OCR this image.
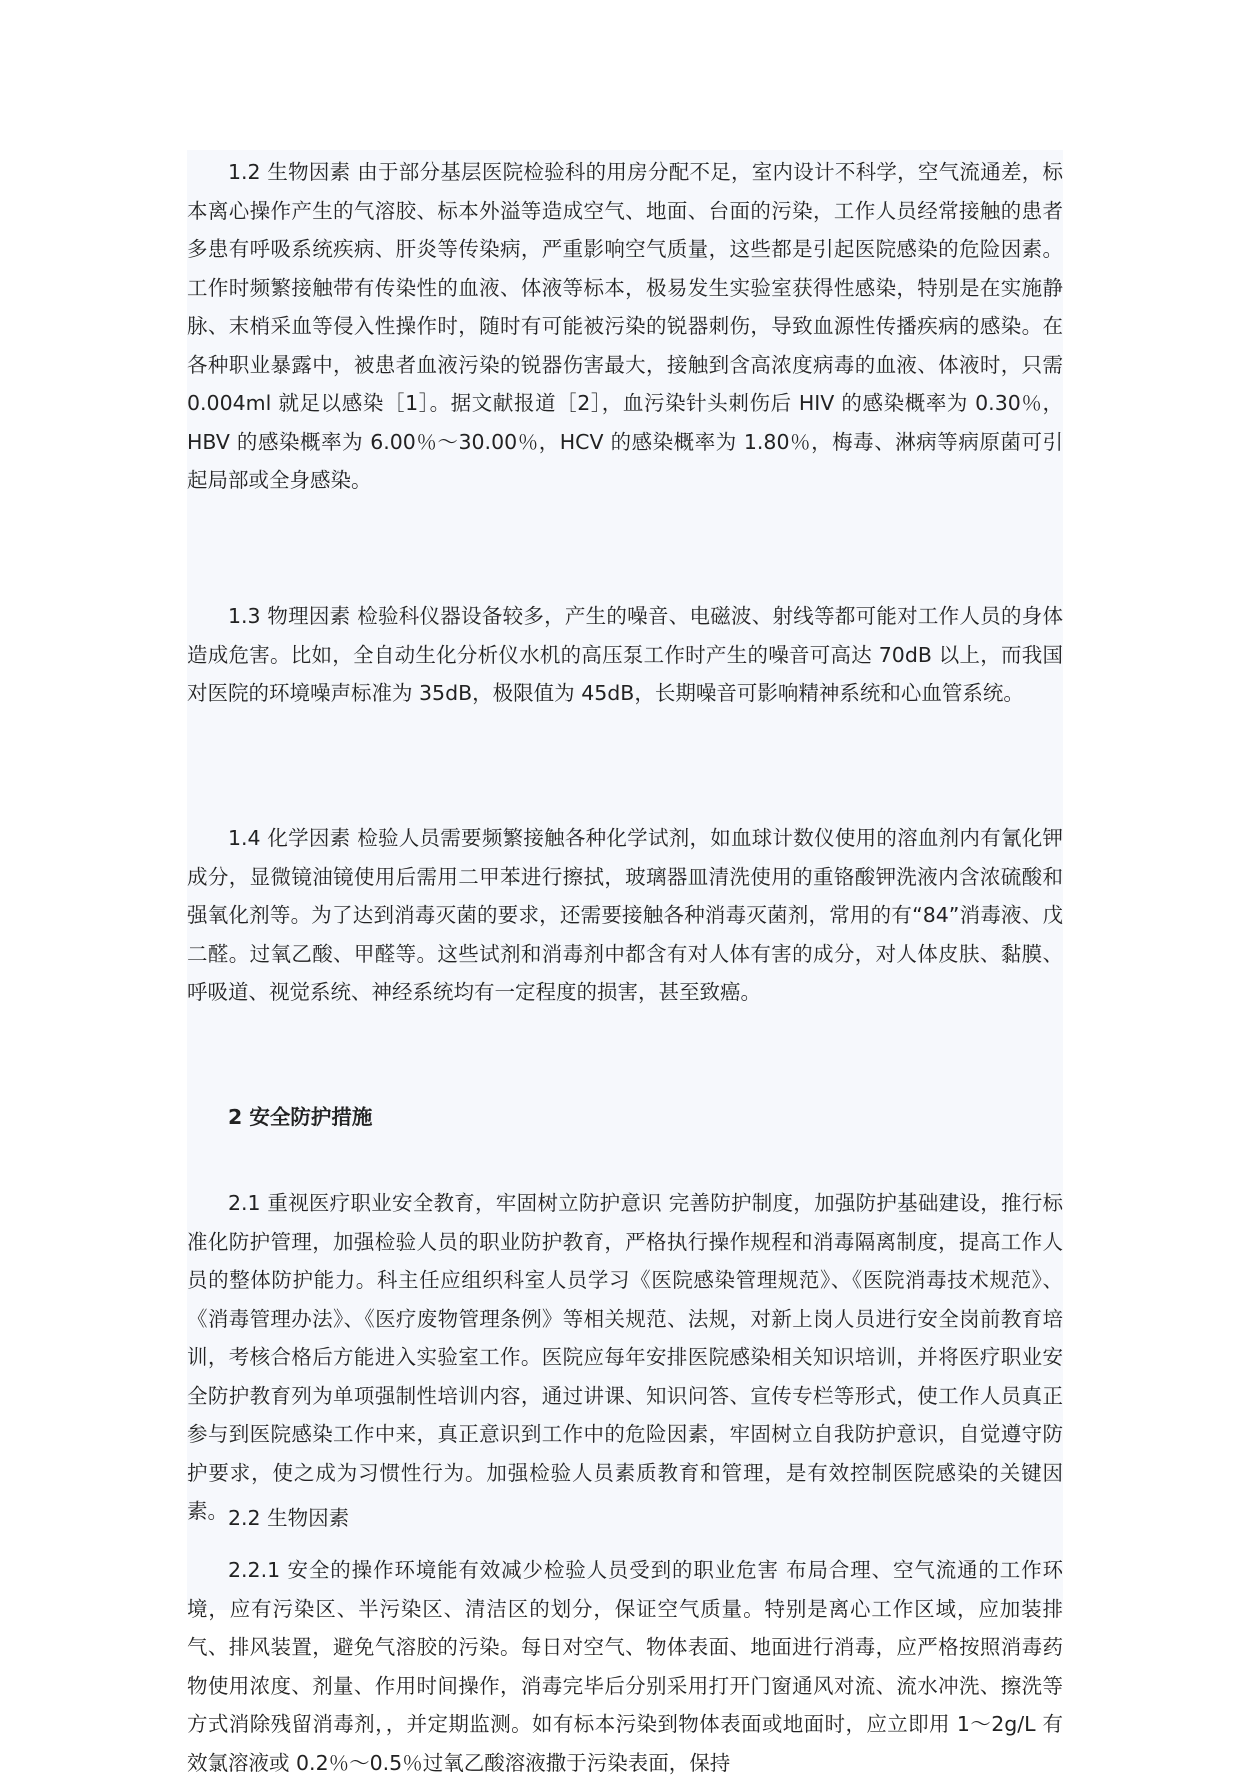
1.2 生物因素 由于部分基层医院检验科的用房分配不足，室内设计不科学，空气流通差，标本离心操作产生的气溶胶、标本外溢等造成空气、地面、台面的污染，工作人员经常接触的患者多患有呼吸系统疾病、肝炎等传染病，严重影响空气质量，这些都是引起医院感染的危险因素。工作时频繁接触带有传染性的血液、体液等标本，极易发生实验室获得性感染，特别是在实施静脉、末梢采血等侵入性操作时，随时有可能被污染的锐器刺伤，导致血源性传播疾病的感染。在各种职业暴露中，被患者血液污染的锐器伤害最大，接触到含高浓度病毒的血液、体液时，只需 0.004ml 就足以感染［1］。据文献报道［2］，血污染针头刺伤后 HIV 的感染概率为 0.30％，HBV 的感染概率为 6.00％～30.00％，HCV 的感染概率为 1.80％，梅毒、淋病等病原菌可引起局部或全身感染。

1.3 物理因素 检验科仪器设备较多，产生的噪音、电磁波、射线等都可能对工作人员的身体造成危害。比如，全自动生化分析仪水机的高压泵工作时产生的噪音可高达 70dB 以上，而我国对医院的环境噪声标准为 35dB，极限值为 45dB，长期噪音可影响精神系统和心血管系统。

1.4 化学因素 检验人员需要频繁接触各种化学试剂，如血球计数仪使用的溶血剂内有氰化钾成分，显微镜油镜使用后需用二甲苯进行擦拭，玻璃器皿清洗使用的重铬酸钾洗液内含浓硫酸和强氧化剂等。为了达到消毒灭菌的要求，还需要接触各种消毒灭菌剂，常用的有“84”消毒液、戊二醛。过氧乙酸、甲醛等。这些试剂和消毒剂中都含有对人体有害的成分，对人体皮肤、黏膜、呼吸道、视觉系统、神经系统均有一定程度的损害，甚至致癌。

2 安全防护措施

2.1 重视医疗职业安全教育，牢固树立防护意识 完善防护制度，加强防护基础建设，推行标准化防护管理，加强检验人员的职业防护教育，严格执行操作规程和消毒隔离制度，提高工作人员的整体防护能力。科主任应组织科室人员学习《医院感染管理规范》、《医院消毒技术规范》、《消毒管理办法》、《医疗废物管理条例》等相关规范、法规，对新上岗人员进行安全岗前教育培训，考核合格后方能进入实验室工作。医院应每年安排医院感染相关知识培训，并将医疗职业安全防护教育列为单项强制性培训内容，通过讲课、知识问答、宣传专栏等形式，使工作人员真正参与到医院感染工作中来，真正意识到工作中的危险因素，牢固树立自我防护意识，自觉遵守防护要求，使之成为习惯性行为。加强检验人员素质教育和管理，是有效控制医院感染的关键因素。 2.2 生物因素

2.2.1 安全的操作环境能有效减少检验人员受到的职业危害 布局合理、空气流通的工作环境，应有污染区、半污染区、清洁区的划分，保证空气质量。特别是离心工作区域，应加装排气、排风装置，避免气溶胶的污染。每日对空气、物体表面、地面进行消毒，应严格按照消毒药物使用浓度、剂量、作用时间操作，消毒完毕后分别采用打开门窗通风对流、流水冲洗、擦洗等方式消除残留消毒剂，，并定期监测。如有标本污染到物体表面或地面时，应立即用 1～2g/L 有效氯溶液或 0.2％～0.5％过氧乙酸溶液撒于污染表面，保持
